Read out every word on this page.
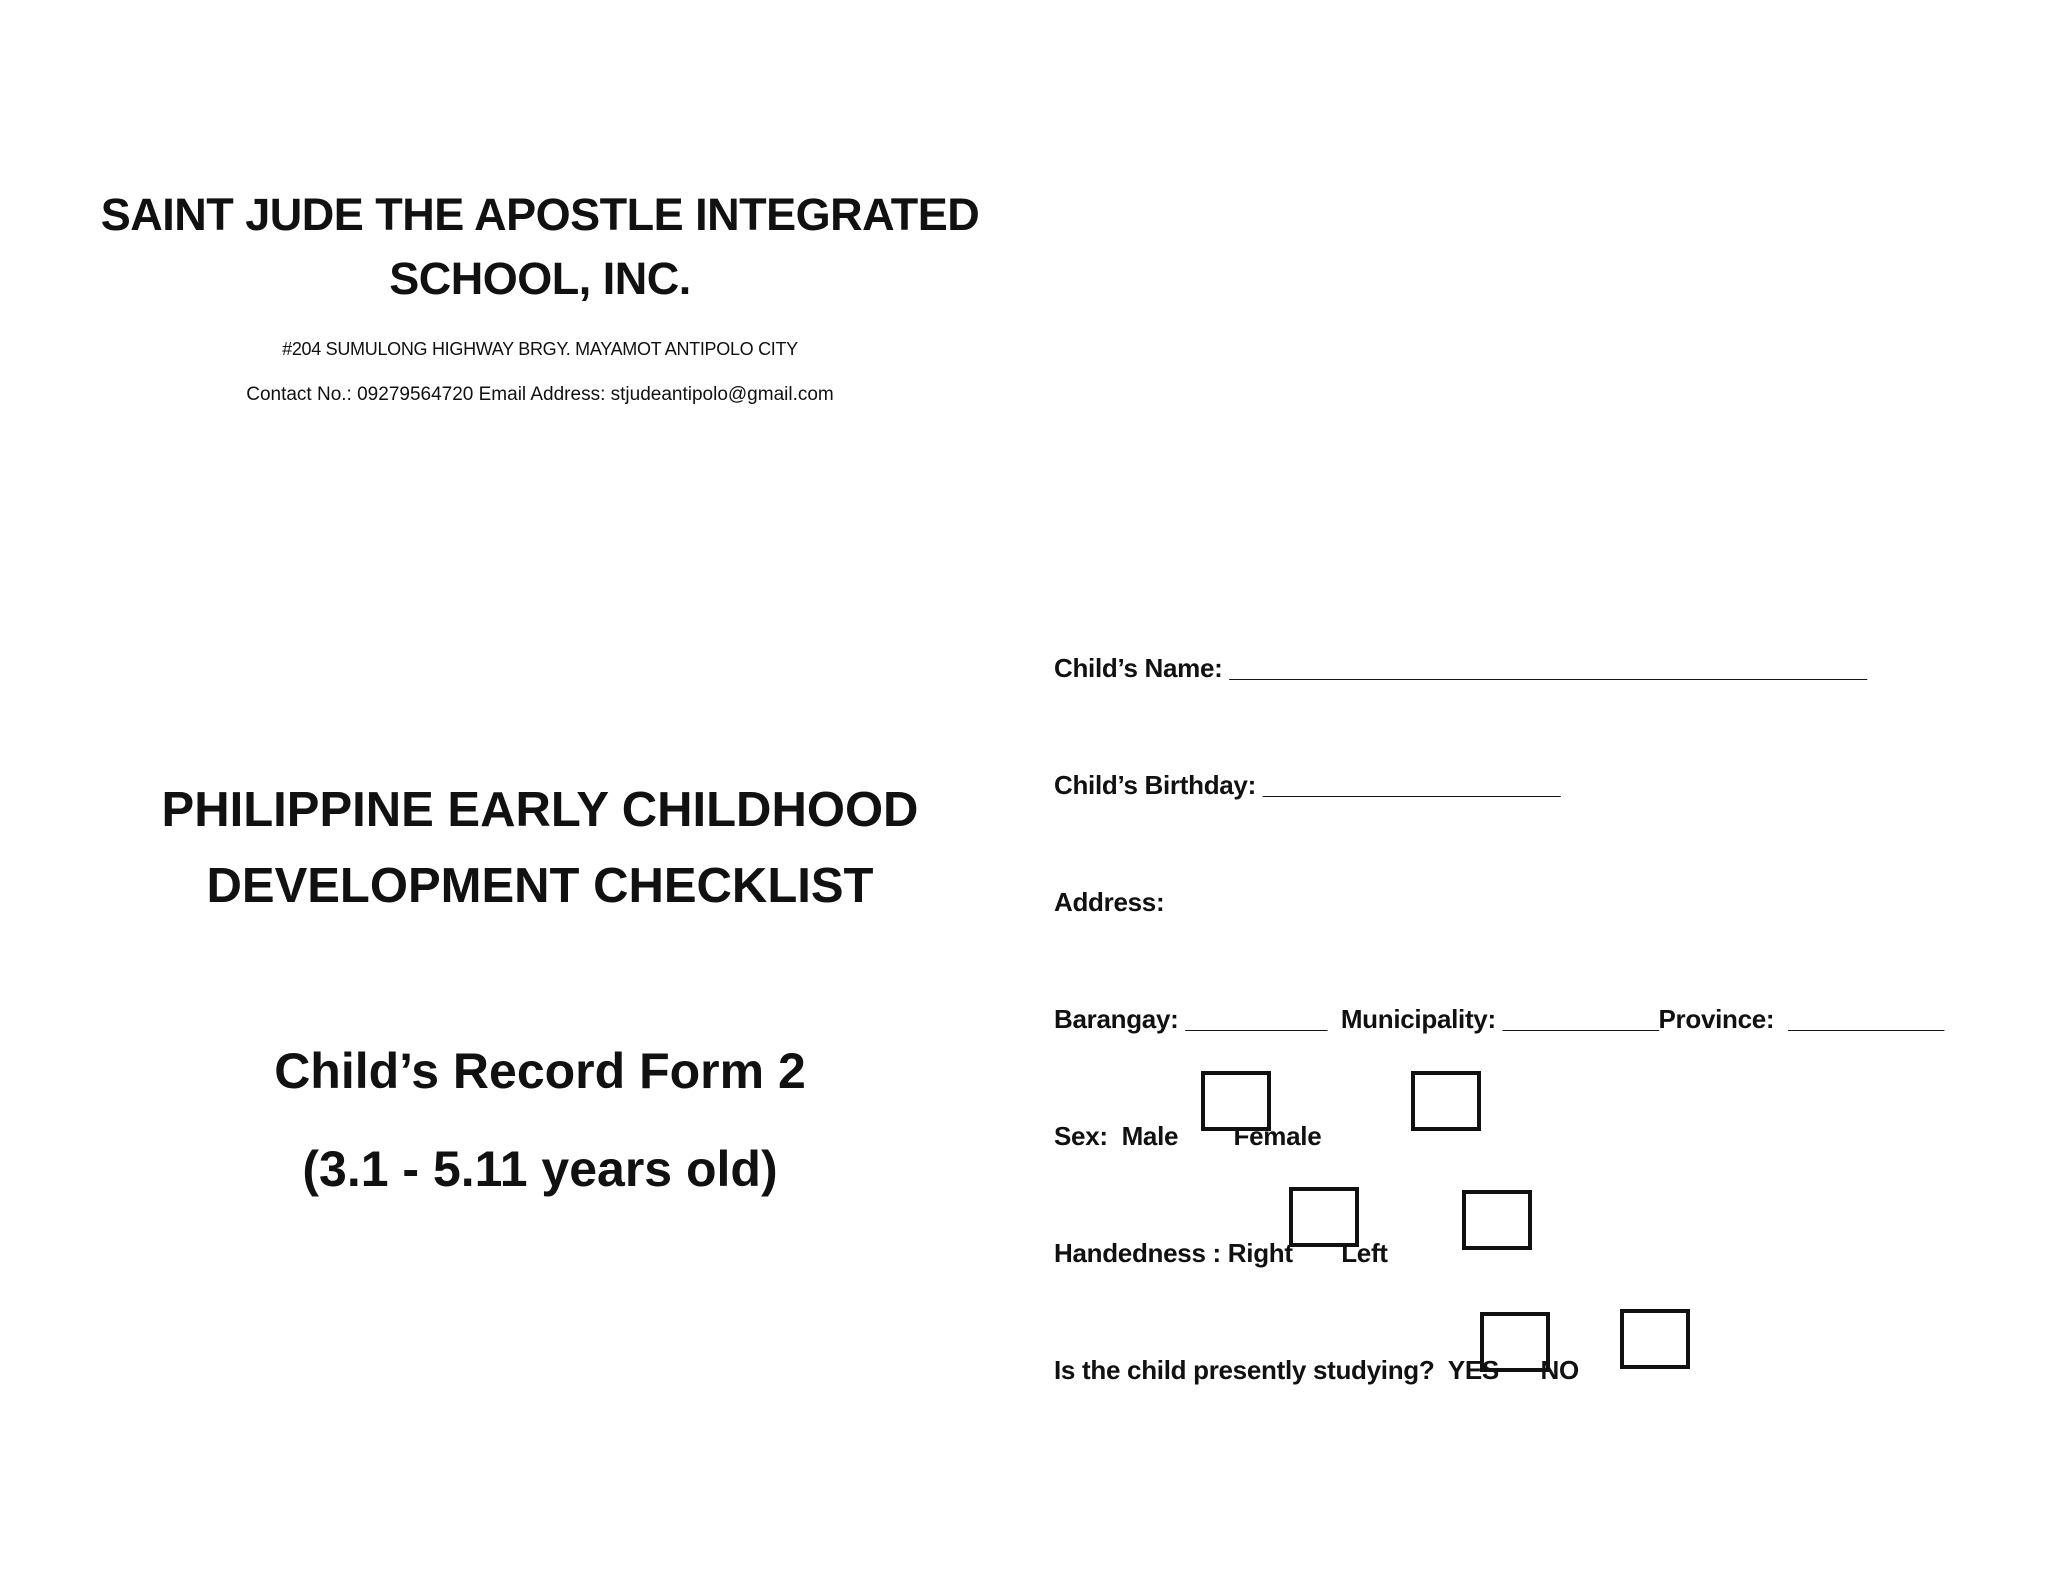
SAINT JUDE THE APOSTLE INTEGRATED SCHOOL, INC.
#204 SUMULONG HIGHWAY BRGY. MAYAMOT ANTIPOLO CITY
Contact No.: 09279564720 Email Address: stjudeantipolo@gmail.com
PHILIPPINE EARLY CHILDHOOD DEVELOPMENT CHECKLIST
Child’s Record Form 2
(3.1 - 5.11 years old)
Child’s Name: _____________________________________________
Child’s Birthday: _____________________
Address:
Barangay: __________  Municipality: ___________Province:  ___________
Sex:  Male        Female
Handedness : Right       Left
Is the child presently studying?  YES      NO
